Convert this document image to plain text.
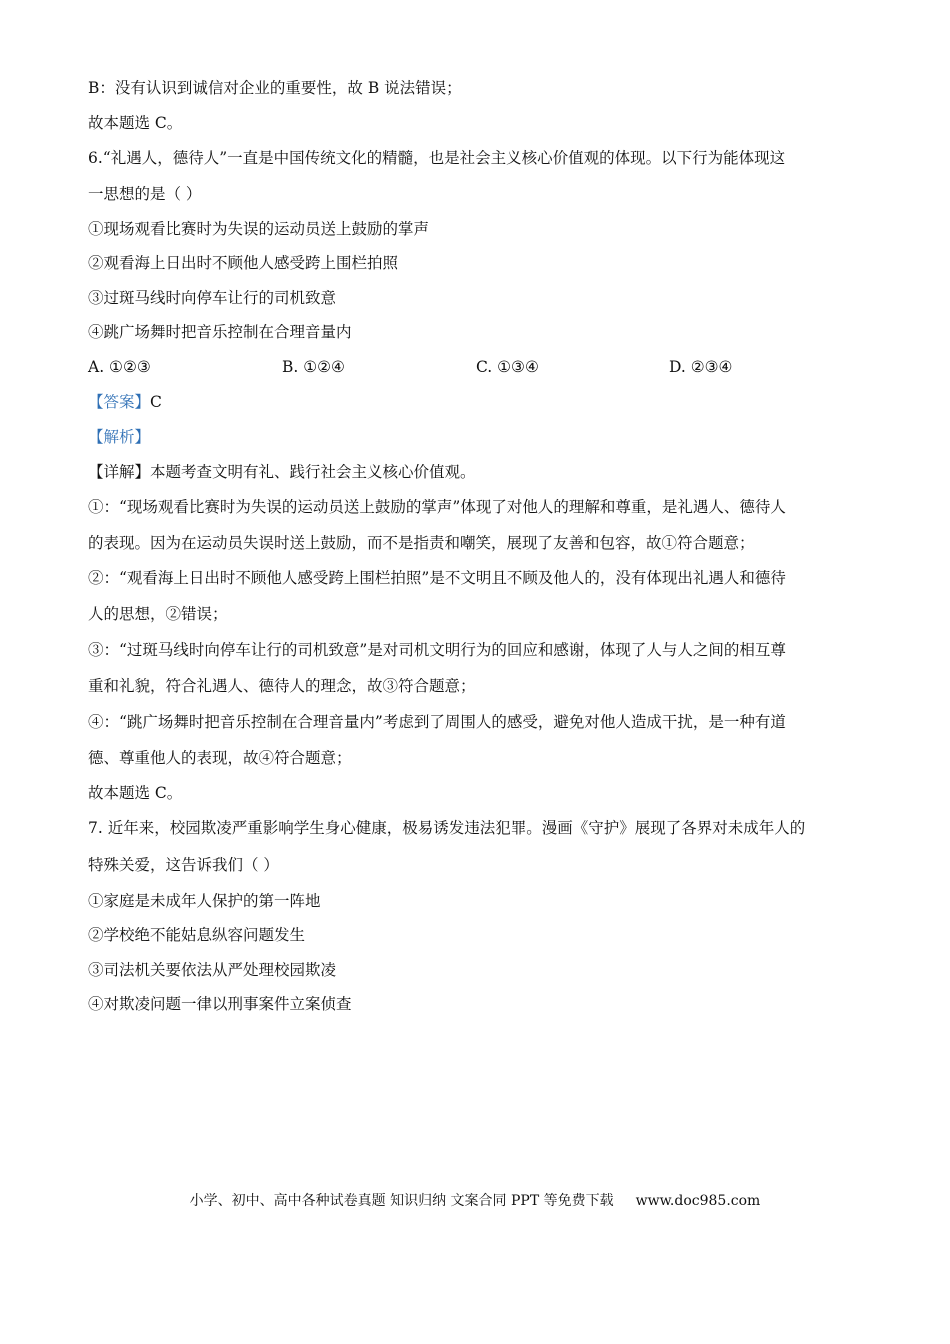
B：没有认识到诚信对企业的重要性，故 B 说法错误；
故本题选 C。
6.“礼遇人，德待人”一直是中国传统文化的精髓，也是社会主义核心价值观的体现。以下行为能体现这
一思想的是（ ）
①现场观看比赛时为失误的运动员送上鼓励的掌声
②观看海上日出时不顾他人感受跨上围栏拍照
③过斑马线时向停车让行的司机致意
④跳广场舞时把音乐控制在合理音量内
A. ①②③	B. ①②④	C. ①③④	D. ②③④
【答案】C
【解析】
【详解】本题考查文明有礼、践行社会主义核心价值观。
①：“现场观看比赛时为失误的运动员送上鼓励的掌声”体现了对他人的理解和尊重，是礼遇人、德待人
的表现。因为在运动员失误时送上鼓励，而不是指责和嘲笑，展现了友善和包容，故①符合题意；
②：“观看海上日出时不顾他人感受跨上围栏拍照”是不文明且不顾及他人的，没有体现出礼遇人和德待
人的思想，②错误；
③：“过斑马线时向停车让行的司机致意”是对司机文明行为的回应和感谢，体现了人与人之间的相互尊
重和礼貌，符合礼遇人、德待人的理念，故③符合题意；
④：“跳广场舞时把音乐控制在合理音量内”考虑到了周围人的感受，避免对他人造成干扰，是一种有道
德、尊重他人的表现，故④符合题意；
故本题选 C。
7. 近年来，校园欺凌严重影响学生身心健康，极易诱发违法犯罪。漫画《守护》展现了各界对未成年人的
特殊关爱，这告诉我们（ ）
①家庭是未成年人保护的第一阵地
②学校绝不能姑息纵容问题发生
③司法机关要依法从严处理校园欺凌
④对欺凌问题一律以刑事案件立案侦查
小学、初中、高中各种试卷真题 知识归纳 文案合同 PPT 等免费下载 www.doc985.com
